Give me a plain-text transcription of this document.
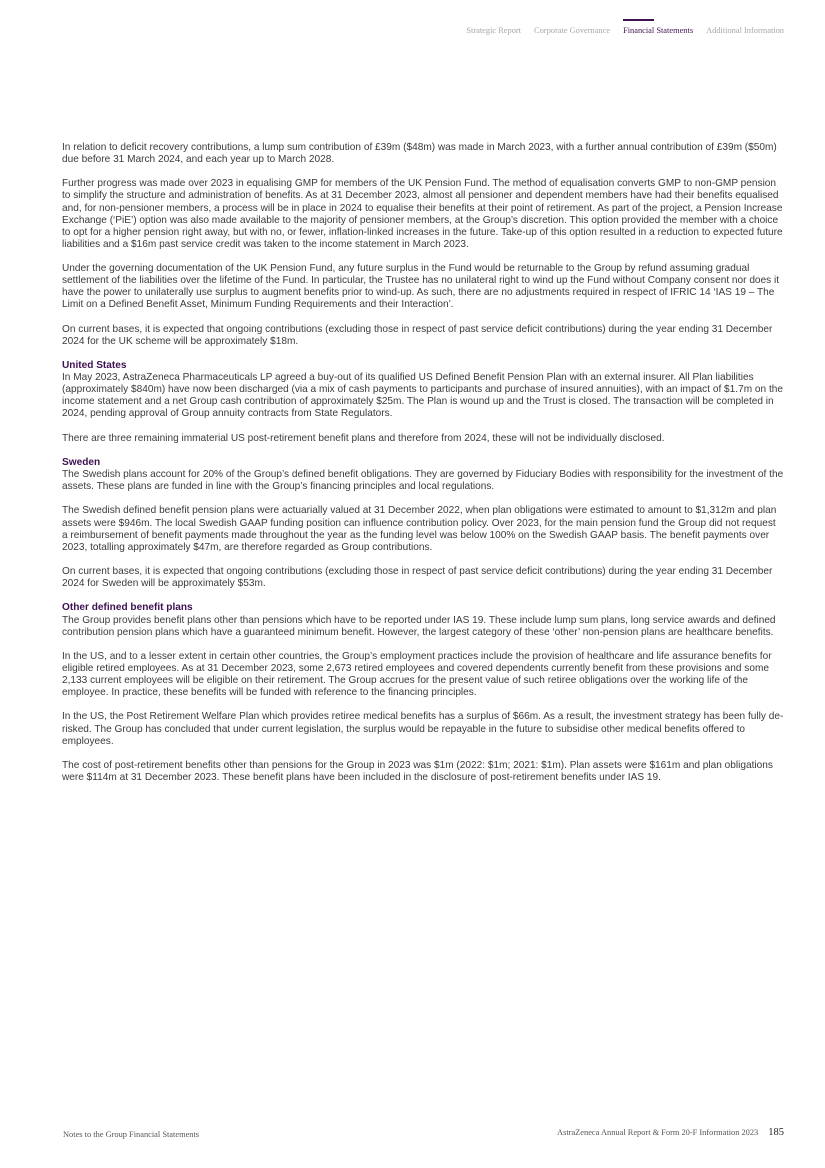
Strategic Report Corporate Governance Financial Statements Additional Information

In relation to deficit recovery contributions, a lump sum contribution of £39m ($48m) was made in March 2023, with a further annual contribution of £39m ($50m) due before 31 March 2024, and each year up to March 2028.

Further progress was made over 2023 in equalising GMP for members of the UK Pension Fund. The method of equalisation converts GMP to non-GMP pension to simplify the structure and administration of benefits. As at 31 December 2023, almost all pensioner and dependent members have had their benefits equalised and, for non-pensioner members, a process will be in place in 2024 to equalise their benefits at their point of retirement. As part of the project, a Pension Increase Exchange (‘PiE’) option was also made available to the majority of pensioner members, at the Group’s discretion. This option provided the member with a choice to opt for a higher pension right away, but with no, or fewer, inflation-linked increases in the future. Take-up of this option resulted in a reduction to expected future liabilities and a $16m past service credit was taken to the income statement in March 2023.

Under the governing documentation of the UK Pension Fund, any future surplus in the Fund would be returnable to the Group by refund assuming gradual settlement of the liabilities over the lifetime of the Fund. In particular, the Trustee has no unilateral right to wind up the Fund without Company consent nor does it have the power to unilaterally use surplus to augment benefits prior to wind-up. As such, there are no adjustments required in respect of IFRIC 14 ‘IAS 19 – The Limit on a Defined Benefit Asset, Minimum Funding Requirements and their Interaction’.

On current bases, it is expected that ongoing contributions (excluding those in respect of past service deficit contributions) during the year ending 31 December 2024 for the UK scheme will be approximately $18m.

United States

In May 2023, AstraZeneca Pharmaceuticals LP agreed a buy-out of its qualified US Defined Benefit Pension Plan with an external insurer. All Plan liabilities (approximately $840m) have now been discharged (via a mix of cash payments to participants and purchase of insured annuities), with an impact of $1.7m on the income statement and a net Group cash contribution of approximately $25m. The Plan is wound up and the Trust is closed. The transaction will be completed in 2024, pending approval of Group annuity contracts from State Regulators.

There are three remaining immaterial US post-retirement benefit plans and therefore from 2024, these will not be individually disclosed.

Sweden

The Swedish plans account for 20% of the Group’s defined benefit obligations. They are governed by Fiduciary Bodies with responsibility for the investment of the assets. These plans are funded in line with the Group’s financing principles and local regulations.

The Swedish defined benefit pension plans were actuarially valued at 31 December 2022, when plan obligations were estimated to amount to $1,312m and plan assets were $946m. The local Swedish GAAP funding position can influence contribution policy. Over 2023, for the main pension fund the Group did not request a reimbursement of benefit payments made throughout the year as the funding level was below 100% on the Swedish GAAP basis. The benefit payments over 2023, totalling approximately $47m, are therefore regarded as Group contributions.

On current bases, it is expected that ongoing contributions (excluding those in respect of past service deficit contributions) during the year ending 31 December 2024 for Sweden will be approximately $53m.

Other defined benefit plans

The Group provides benefit plans other than pensions which have to be reported under IAS 19. These include lump sum plans, long service awards and defined contribution pension plans which have a guaranteed minimum benefit. However, the largest category of these ‘other’ non-pension plans are healthcare benefits.

In the US, and to a lesser extent in certain other countries, the Group’s employment practices include the provision of healthcare and life assurance benefits for eligible retired employees. As at 31 December 2023, some 2,673 retired employees and covered dependents currently benefit from these provisions and some 2,133 current employees will be eligible on their retirement. The Group accrues for the present value of such retiree obligations over the working life of the employee. In practice, these benefits will be funded with reference to the financing principles.

In the US, the Post Retirement Welfare Plan which provides retiree medical benefits has a surplus of $66m. As a result, the investment strategy has been fully de-risked. The Group has concluded that under current legislation, the surplus would be repayable in the future to subsidise other medical benefits offered to employees.

The cost of post-retirement benefits other than pensions for the Group in 2023 was $1m (2022: $1m; 2021: $1m). Plan assets were $161m and plan obligations were $114m at 31 December 2023. These benefit plans have been included in the disclosure of post-retirement benefits under IAS 19.

Notes to the Group Financial Statements	AstraZeneca Annual Report & Form 20-F Information 2023 185
